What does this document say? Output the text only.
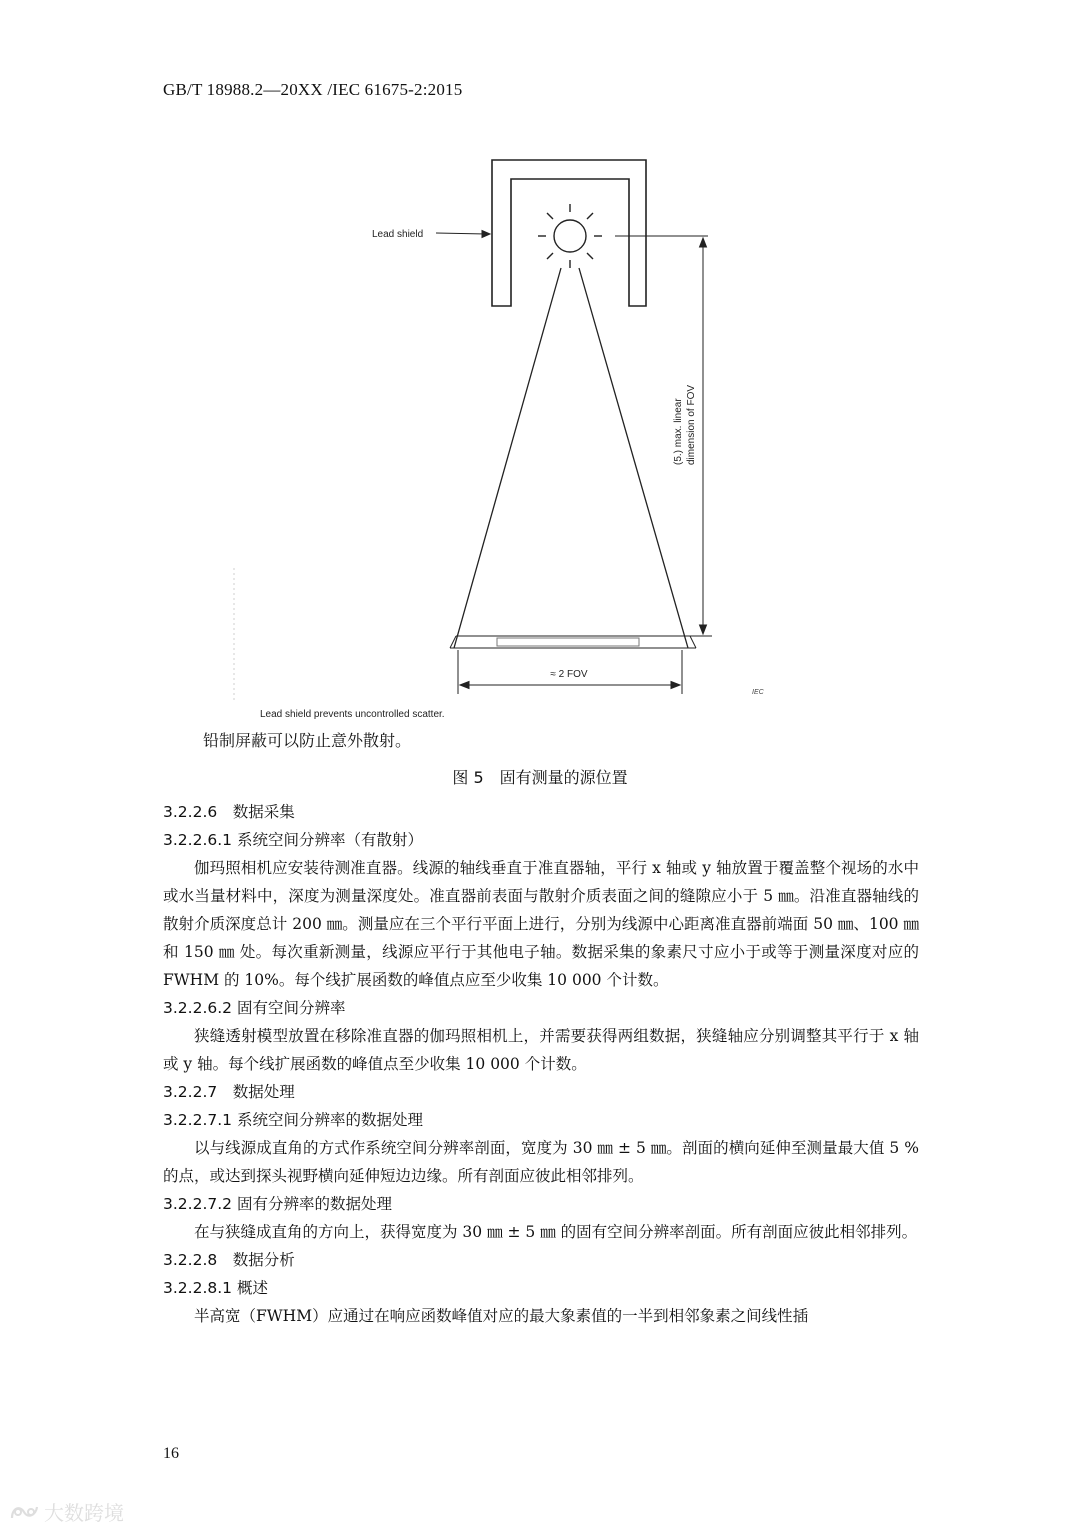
GB/T 18988.2—20XX /IEC 61675-2:2015
Lead shield
(5.) max. linear dimension of FOV
≈ 2 FOV
IEC
Lead shield prevents uncontrolled scatter.
铅制屏蔽可以防止意外散射。
图 5　固有测量的源位置
3.2.2.6　数据采集
3.2.2.6.1 系统空间分辨率（有散射）
伽玛照相机应安装待测准直器。线源的轴线垂直于准直器轴，平行 x 轴或 y 轴放置于覆盖整个视场的水中或水当量材料中，深度为测量深度处。准直器前表面与散射介质表面之间的缝隙应小于 5 ㎜。沿准直器轴线的散射介质深度总计 200 ㎜。测量应在三个平行平面上进行，分别为线源中心距离准直器前端面 50 ㎜、100 ㎜ 和 150 ㎜ 处。每次重新测量，线源应平行于其他电子轴。数据采集的象素尺寸应小于或等于测量深度对应的 FWHM 的 10%。每个线扩展函数的峰值点应至少收集 10 000 个计数。
3.2.2.6.2 固有空间分辨率
狭缝透射模型放置在移除准直器的伽玛照相机上，并需要获得两组数据，狭缝轴应分别调整其平行于 x 轴或 y 轴。每个线扩展函数的峰值点至少收集 10 000 个计数。
3.2.2.7　数据处理
3.2.2.7.1 系统空间分辨率的数据处理
以与线源成直角的方式作系统空间分辨率剖面，宽度为 30 ㎜ ± 5 ㎜。剖面的横向延伸至测量最大值 5 %的点，或达到探头视野横向延伸短边边缘。所有剖面应彼此相邻排列。
3.2.2.7.2 固有分辨率的数据处理
在与狭缝成直角的方向上，获得宽度为 30 ㎜ ± 5 ㎜ 的固有空间分辨率剖面。所有剖面应彼此相邻排列。
3.2.2.8　数据分析
3.2.2.8.1 概述
半高宽（FWHM）应通过在响应函数峰值对应的最大象素值的一半到相邻象素之间线性插
16
大数跨境
